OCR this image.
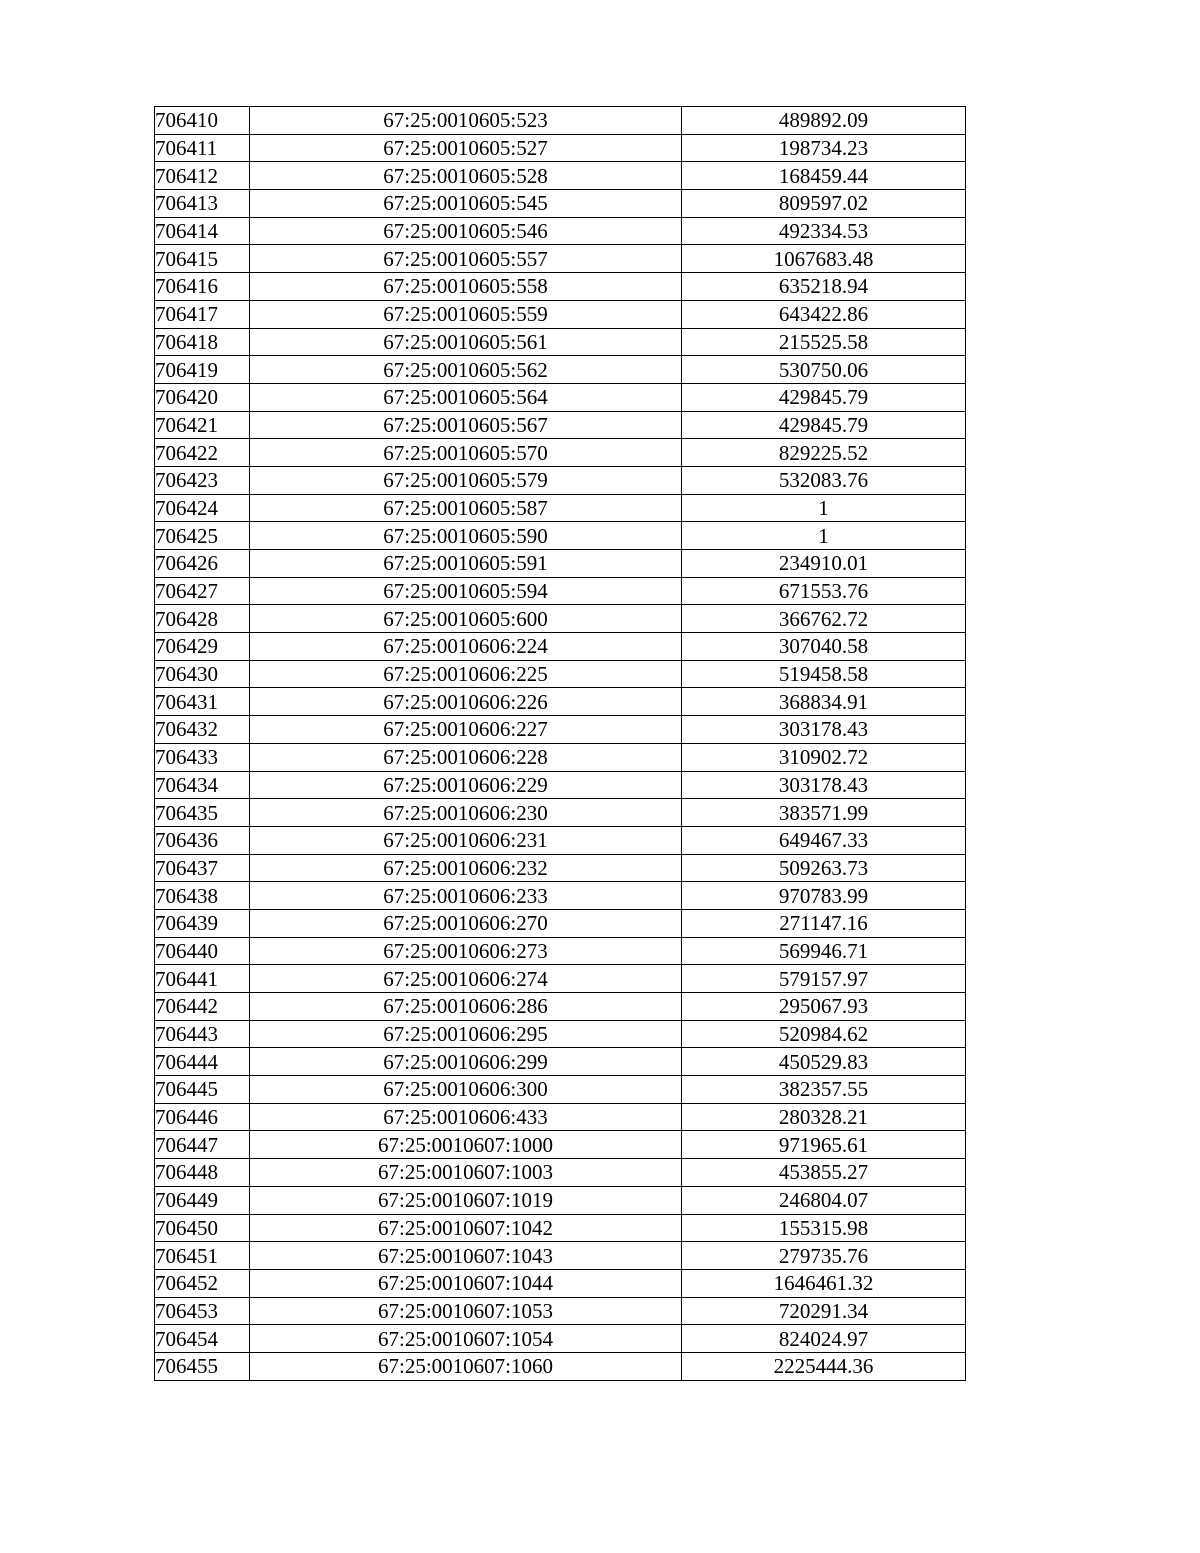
706410	67:25:0010605:523	489892.09
706411	67:25:0010605:527	198734.23
706412	67:25:0010605:528	168459.44
706413	67:25:0010605:545	809597.02
706414	67:25:0010605:546	492334.53
706415	67:25:0010605:557	1067683.48
706416	67:25:0010605:558	635218.94
706417	67:25:0010605:559	643422.86
706418	67:25:0010605:561	215525.58
706419	67:25:0010605:562	530750.06
706420	67:25:0010605:564	429845.79
706421	67:25:0010605:567	429845.79
706422	67:25:0010605:570	829225.52
706423	67:25:0010605:579	532083.76
706424	67:25:0010605:587	1
706425	67:25:0010605:590	1
706426	67:25:0010605:591	234910.01
706427	67:25:0010605:594	671553.76
706428	67:25:0010605:600	366762.72
706429	67:25:0010606:224	307040.58
706430	67:25:0010606:225	519458.58
706431	67:25:0010606:226	368834.91
706432	67:25:0010606:227	303178.43
706433	67:25:0010606:228	310902.72
706434	67:25:0010606:229	303178.43
706435	67:25:0010606:230	383571.99
706436	67:25:0010606:231	649467.33
706437	67:25:0010606:232	509263.73
706438	67:25:0010606:233	970783.99
706439	67:25:0010606:270	271147.16
706440	67:25:0010606:273	569946.71
706441	67:25:0010606:274	579157.97
706442	67:25:0010606:286	295067.93
706443	67:25:0010606:295	520984.62
706444	67:25:0010606:299	450529.83
706445	67:25:0010606:300	382357.55
706446	67:25:0010606:433	280328.21
706447	67:25:0010607:1000	971965.61
706448	67:25:0010607:1003	453855.27
706449	67:25:0010607:1019	246804.07
706450	67:25:0010607:1042	155315.98
706451	67:25:0010607:1043	279735.76
706452	67:25:0010607:1044	1646461.32
706453	67:25:0010607:1053	720291.34
706454	67:25:0010607:1054	824024.97
706455	67:25:0010607:1060	2225444.36
